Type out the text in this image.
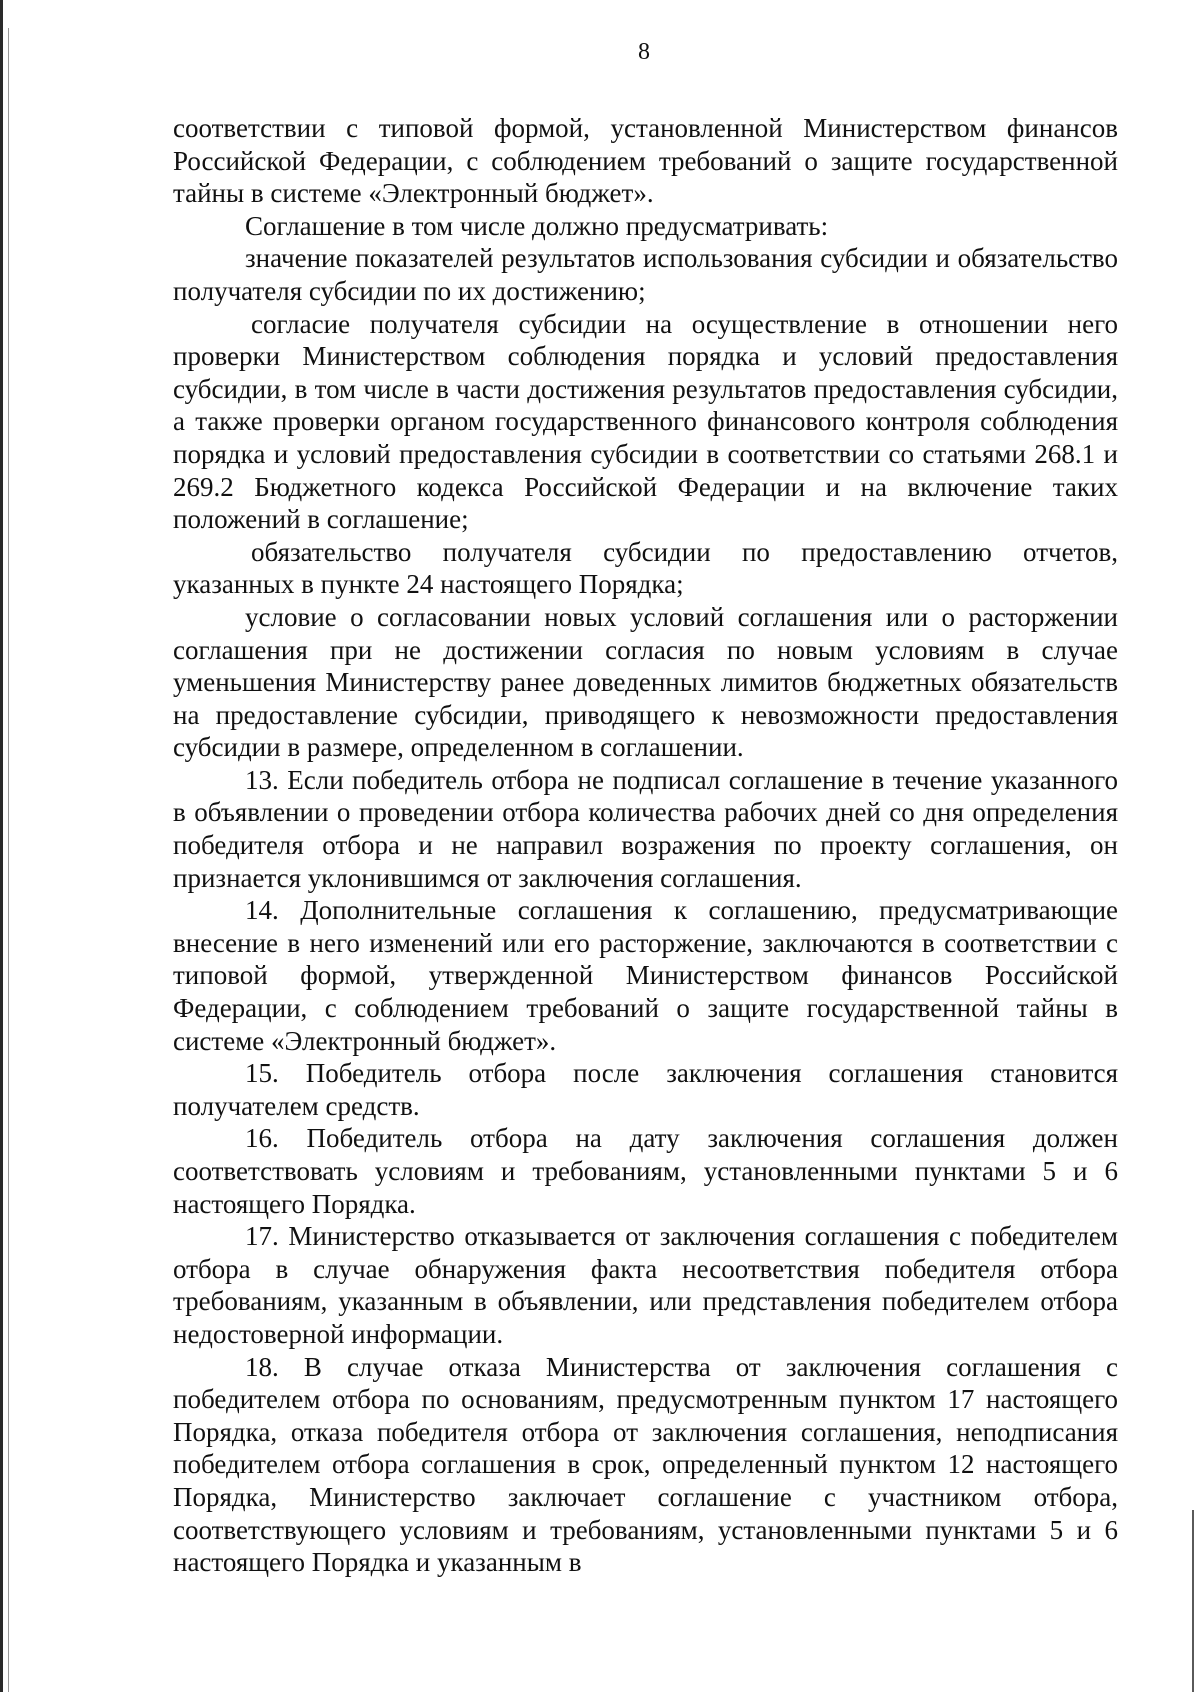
8

соответствии с типовой формой, установленной Министерством финансов Российской Федерации, с соблюдением требований о защите государственной тайны в системе «Электронный бюджет».

Соглашение в том числе должно предусматривать:

значение показателей результатов использования субсидии и обязательство получателя субсидии по их достижению;

согласие получателя субсидии на осуществление в отношении него проверки Министерством соблюдения порядка и условий предоставления субсидии, в том числе в части достижения результатов предоставления субсидии, а также проверки органом государственного финансового контроля соблюдения порядка и условий предоставления субсидии в соответствии со статьями 268.1 и 269.2 Бюджетного кодекса Российской Федерации и на включение таких положений в соглашение;

обязательство получателя субсидии по предоставлению отчетов, указанных в пункте 24 настоящего Порядка;

условие о согласовании новых условий соглашения или о расторжении соглашения при не достижении согласия по новым условиям в случае уменьшения Министерству ранее доведенных лимитов бюджетных обязательств на предоставление субсидии, приводящего к невозможности предоставления субсидии в размере, определенном в соглашении.

13. Если победитель отбора не подписал соглашение в течение указанного в объявлении о проведении отбора количества рабочих дней со дня определения победителя отбора и не направил возражения по проекту соглашения, он признается уклонившимся от заключения соглашения.

14. Дополнительные соглашения к соглашению, предусматривающие внесение в него изменений или его расторжение, заключаются в соответствии с типовой формой, утвержденной Министерством финансов Российской Федерации, с соблюдением требований о защите государственной тайны в системе «Электронный бюджет».

15. Победитель отбора после заключения соглашения становится получателем средств.

16. Победитель отбора на дату заключения соглашения должен соответствовать условиям и требованиям, установленными пунктами 5 и 6 настоящего Порядка.

17. Министерство отказывается от заключения соглашения с победителем отбора в случае обнаружения факта несоответствия победителя отбора требованиям, указанным в объявлении, или представления победителем отбора недостоверной информации.

18. В случае отказа Министерства от заключения соглашения с победителем отбора по основаниям, предусмотренным пунктом 17 настоящего Порядка, отказа победителя отбора от заключения соглашения, неподписания победителем отбора соглашения в срок, определенный пунктом 12 настоящего Порядка, Министерство заключает соглашение с участником отбора, соответствующего условиям и требованиям, установленными пунктами 5 и 6 настоящего Порядка и указанным в
